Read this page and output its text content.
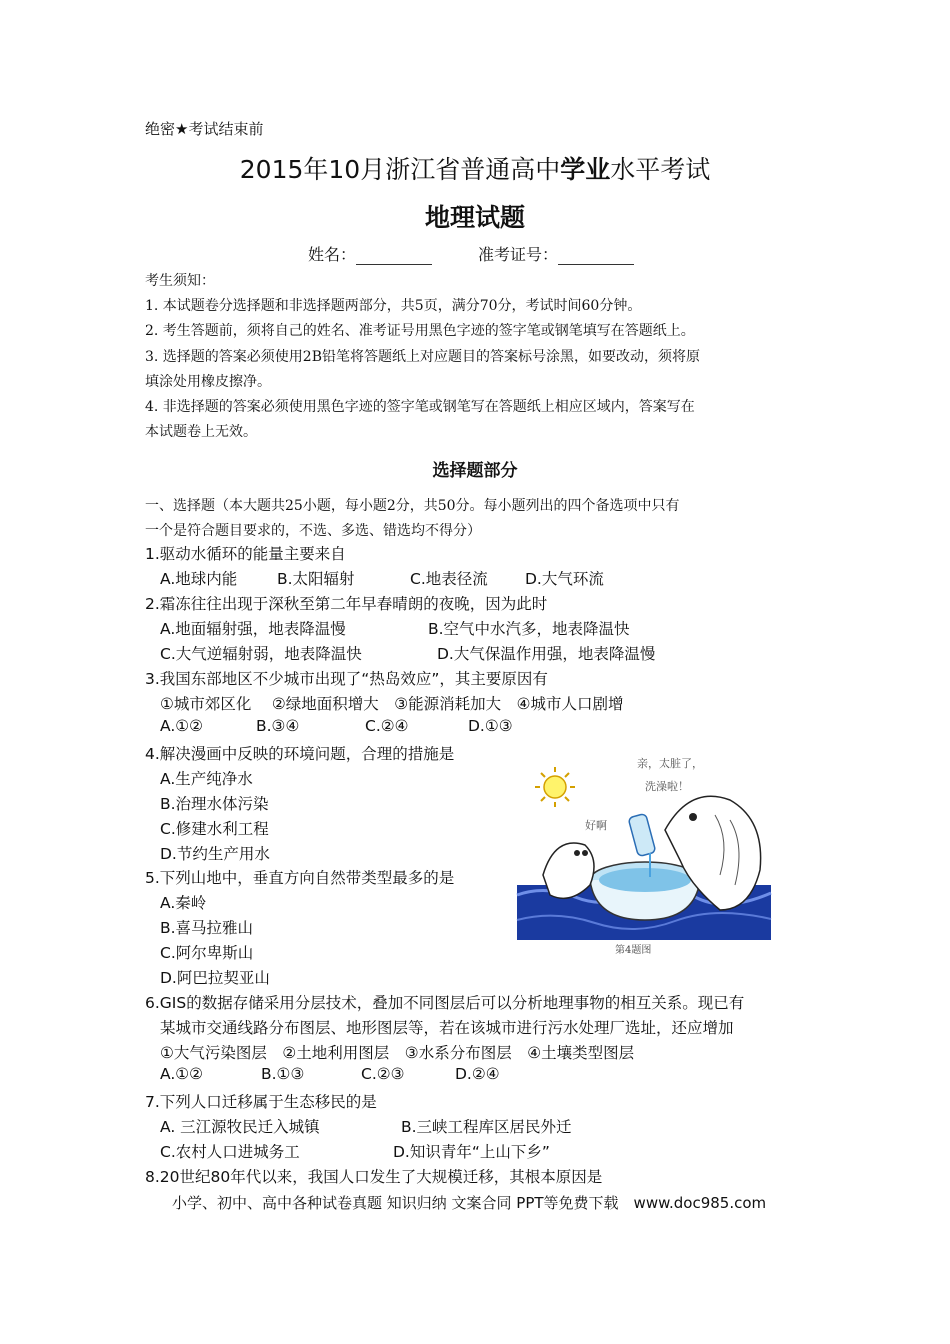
绝密★考试结束前
2015年10月浙江省普通高中学业水平考试
地理试题
姓名：	准考证号：
考生须知：
1. 本试题卷分选择题和非选择题两部分，共5页，满分70分，考试时间60分钟。
2. 考生答题前，须将自己的姓名、准考证号用黑色字迹的签字笔或钢笔填写在答题纸上。
3. 选择题的答案必须使用2B铅笔将答题纸上对应题目的答案标号涂黑，如要改动，须将原
填涂处用橡皮擦净。
4. 非选择题的答案必须使用黑色字迹的签字笔或钢笔写在答题纸上相应区域内，答案写在
本试题卷上无效。
选择题部分
一、选择题（本大题共25小题，每小题2分，共50分。每小题列出的四个备选项中只有
一个是符合题目要求的，不选、多选、错选均不得分）
1.驱动水循环的能量主要来自
A.地球内能	B.太阳辐射	C.地表径流 D.大气环流
2.霜冻往往出现于深秋至第二年早春晴朗的夜晚，因为此时
A.地面辐射强，地表降温慢	B.空气中水汽多，地表降温快
C.大气逆辐射弱，地表降温快	D.大气保温作用强，地表降温慢
3.我国东部地区不少城市出现了“热岛效应”，其主要原因有
①城市郊区化　 ②绿地面积增大　③能源消耗加大　④城市人口剧增
A.①②	B.③④	C.②④	D.①③
4.解决漫画中反映的环境问题，合理的措施是
A.生产纯净水
B.治理水体污染
C.修建水利工程
D.节约生产用水
5.下列山地中，垂直方向自然带类型最多的是
A.秦岭
B.喜马拉雅山
C.阿尔卑斯山
D.阿巴拉契亚山
6.GIS的数据存储采用分层技术，叠加不同图层后可以分析地理事物的相互关系。现已有
某城市交通线路分布图层、地形图层等，若在该城市进行污水处理厂选址，还应增加
①大气污染图层　②土地利用图层　③水系分布图层　④土壤类型图层
A.①②	B.①③	C.②③	D.②④
7.下列人口迁移属于生态移民的是
A. 三江源牧民迁入城镇	B.三峡工程库区居民外迁
C.农村人口进城务工	D.知识青年“上山下乡”
8.20世纪80年代以来，我国人口发生了大规模迁移，其根本原因是
亲，太脏了，
洗澡啦！
好啊
第4题图
小学、初中、高中各种试卷真题 知识归纳 文案合同 PPT等免费下载　www.doc985.com
